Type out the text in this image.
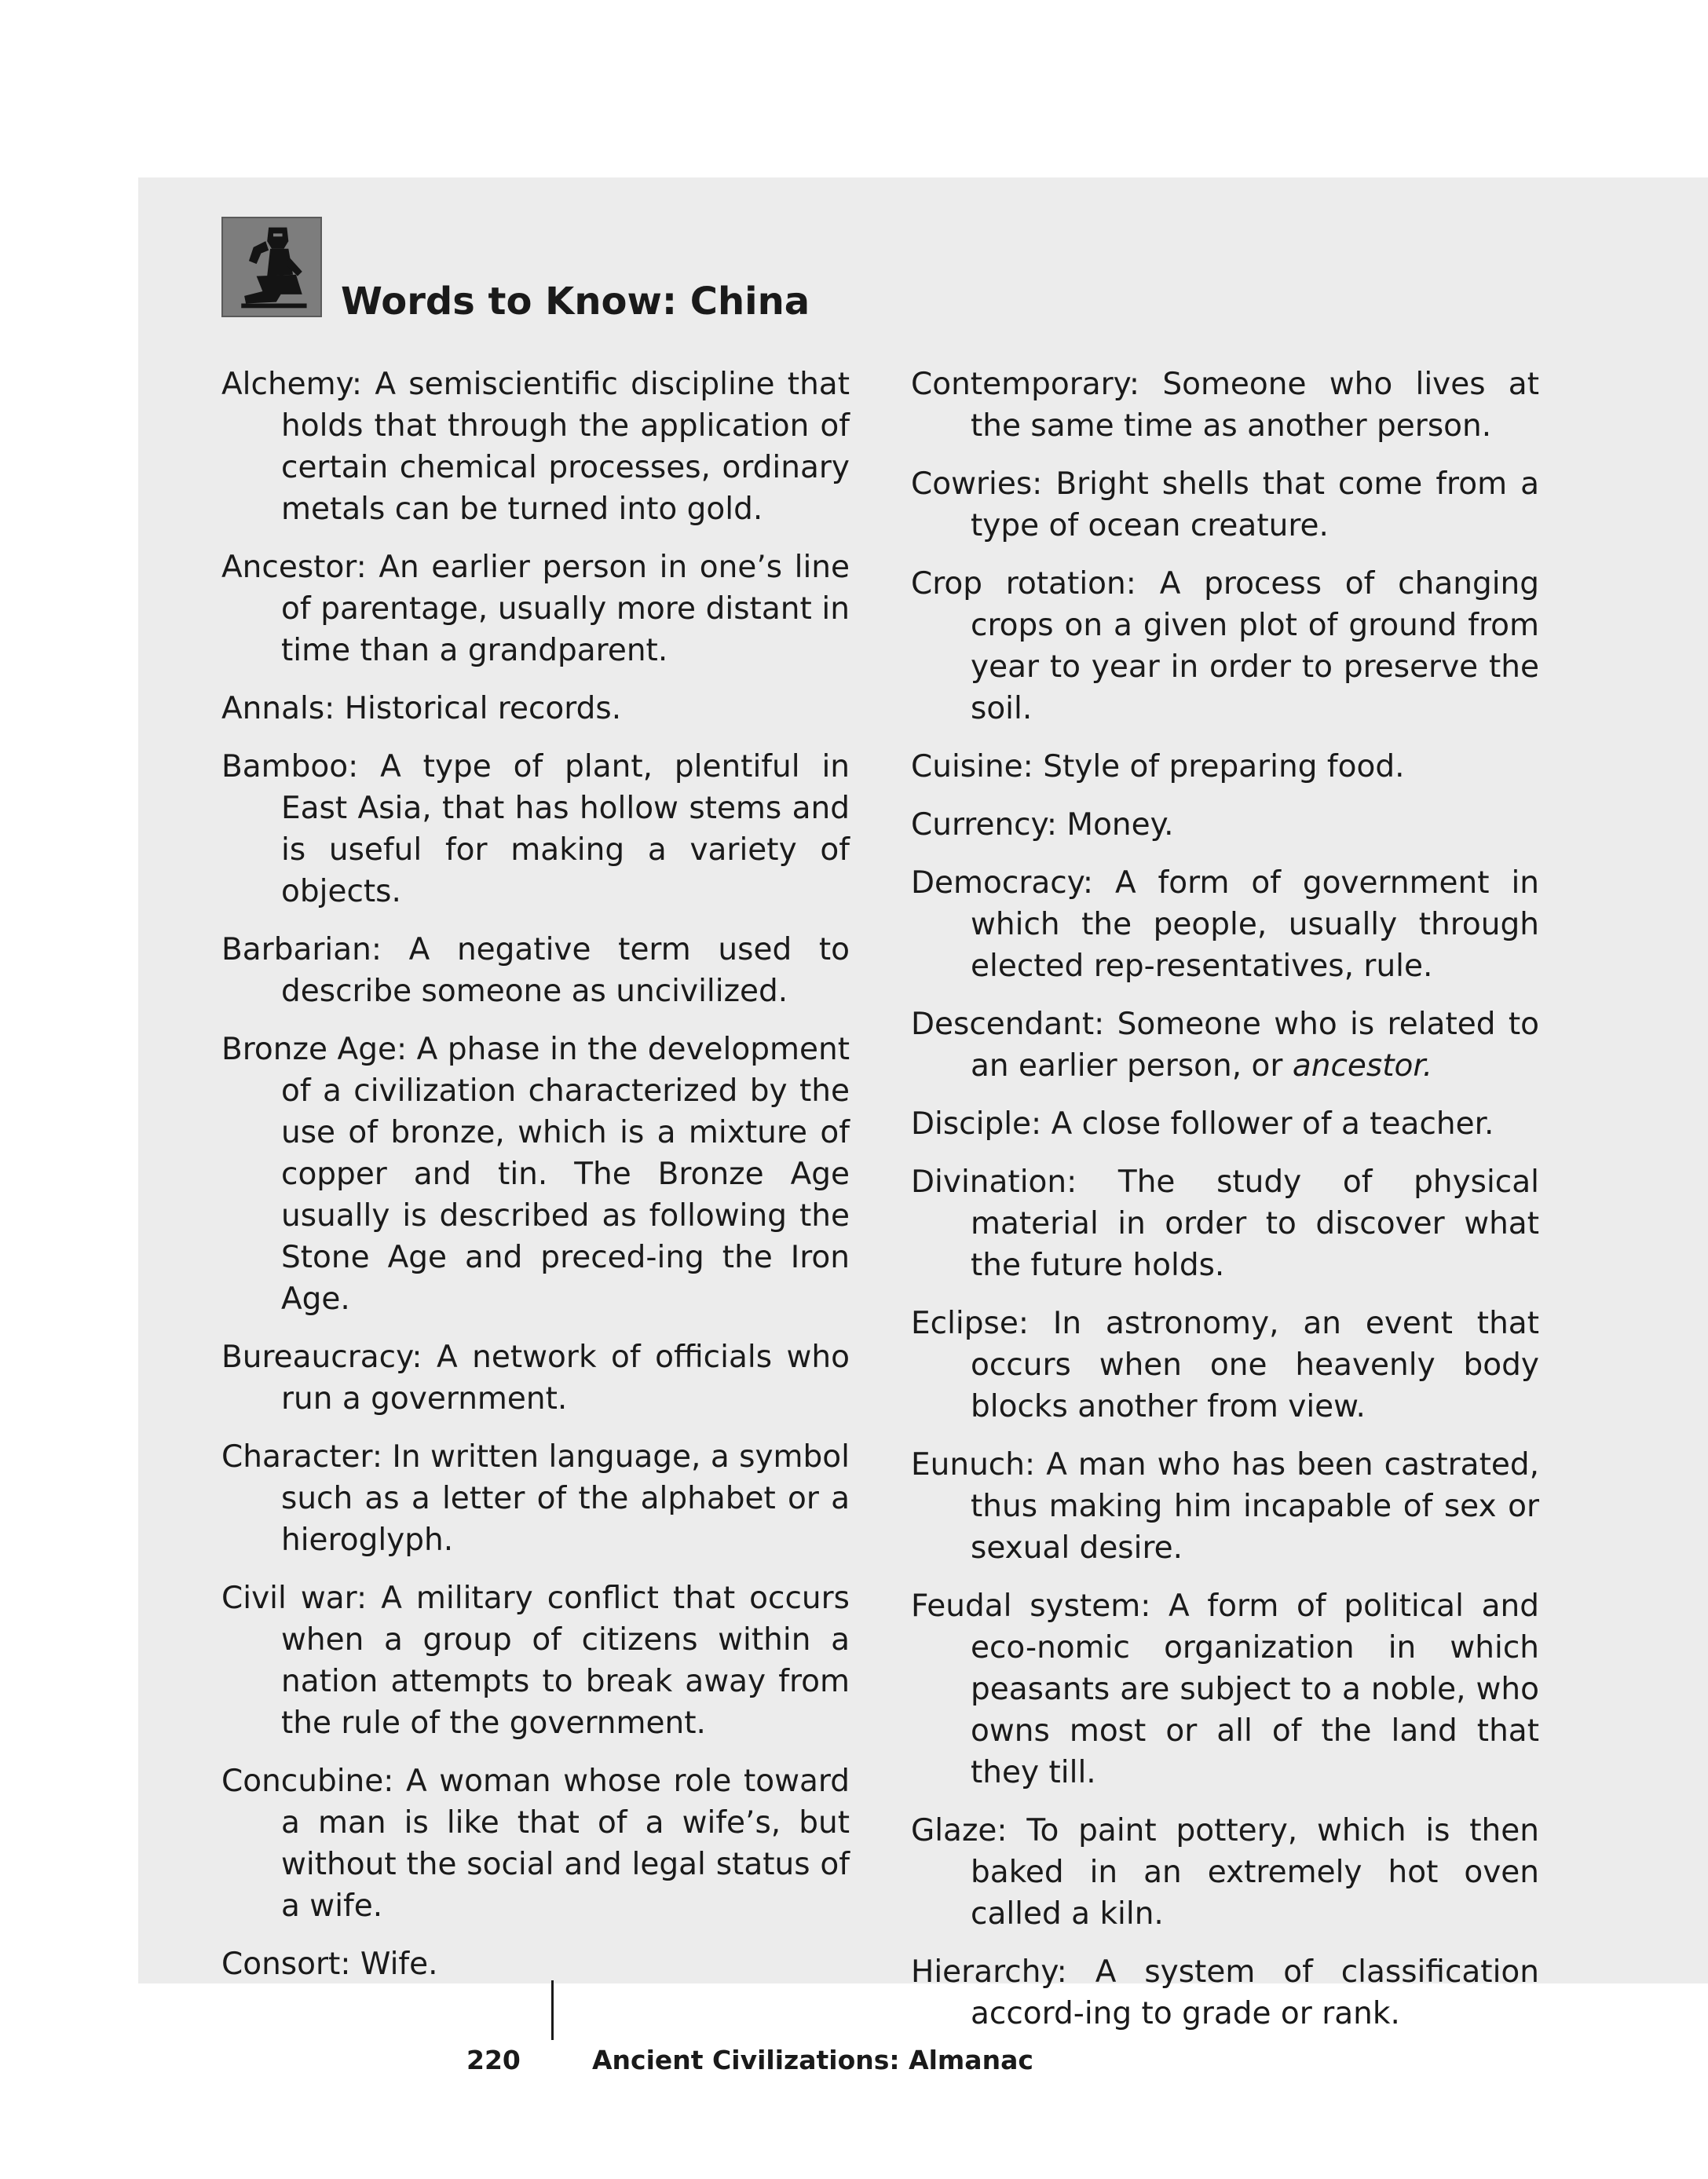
Words to Know: China

Alchemy: A semiscientific discipline that holds that through the application of certain chemical processes, ordinary metals can be turned into gold.

Ancestor: An earlier person in one’s line of parentage, usually more distant in time than a grandparent.

Annals: Historical records.

Bamboo: A type of plant, plentiful in East Asia, that has hollow stems and is useful for making a variety of objects.

Barbarian: A negative term used to describe someone as uncivilized.

Bronze Age: A phase in the development of a civilization characterized by the use of bronze, which is a mixture of copper and tin. The Bronze Age usually is described as following the Stone Age and preced-ing the Iron Age.

Bureaucracy: A network of officials who run a government.

Character: In written language, a symbol such as a letter of the alphabet or a hieroglyph.

Civil war: A military conflict that occurs when a group of citizens within a nation attempts to break away from the rule of the government.

Concubine: A woman whose role toward a man is like that of a wife’s, but without the social and legal status of a wife.

Consort: Wife.

Contemporary: Someone who lives at the same time as another person.

Cowries: Bright shells that come from a type of ocean creature.

Crop rotation: A process of changing crops on a given plot of ground from year to year in order to preserve the soil.

Cuisine: Style of preparing food.

Currency: Money.

Democracy: A form of government in which the people, usually through elected rep-resentatives, rule.

Descendant: Someone who is related to an earlier person, or ancestor.

Disciple: A close follower of a teacher.

Divination: The study of physical material in order to discover what the future holds.

Eclipse: In astronomy, an event that occurs when one heavenly body blocks another from view.

Eunuch: A man who has been castrated, thus making him incapable of sex or sexual desire.

Feudal system: A form of political and eco-nomic organization in which peasants are subject to a noble, who owns most or all of the land that they till.

Glaze: To paint pottery, which is then baked in an extremely hot oven called a kiln.

Hierarchy: A system of classification accord-ing to grade or rank.

220	Ancient Civilizations: Almanac
